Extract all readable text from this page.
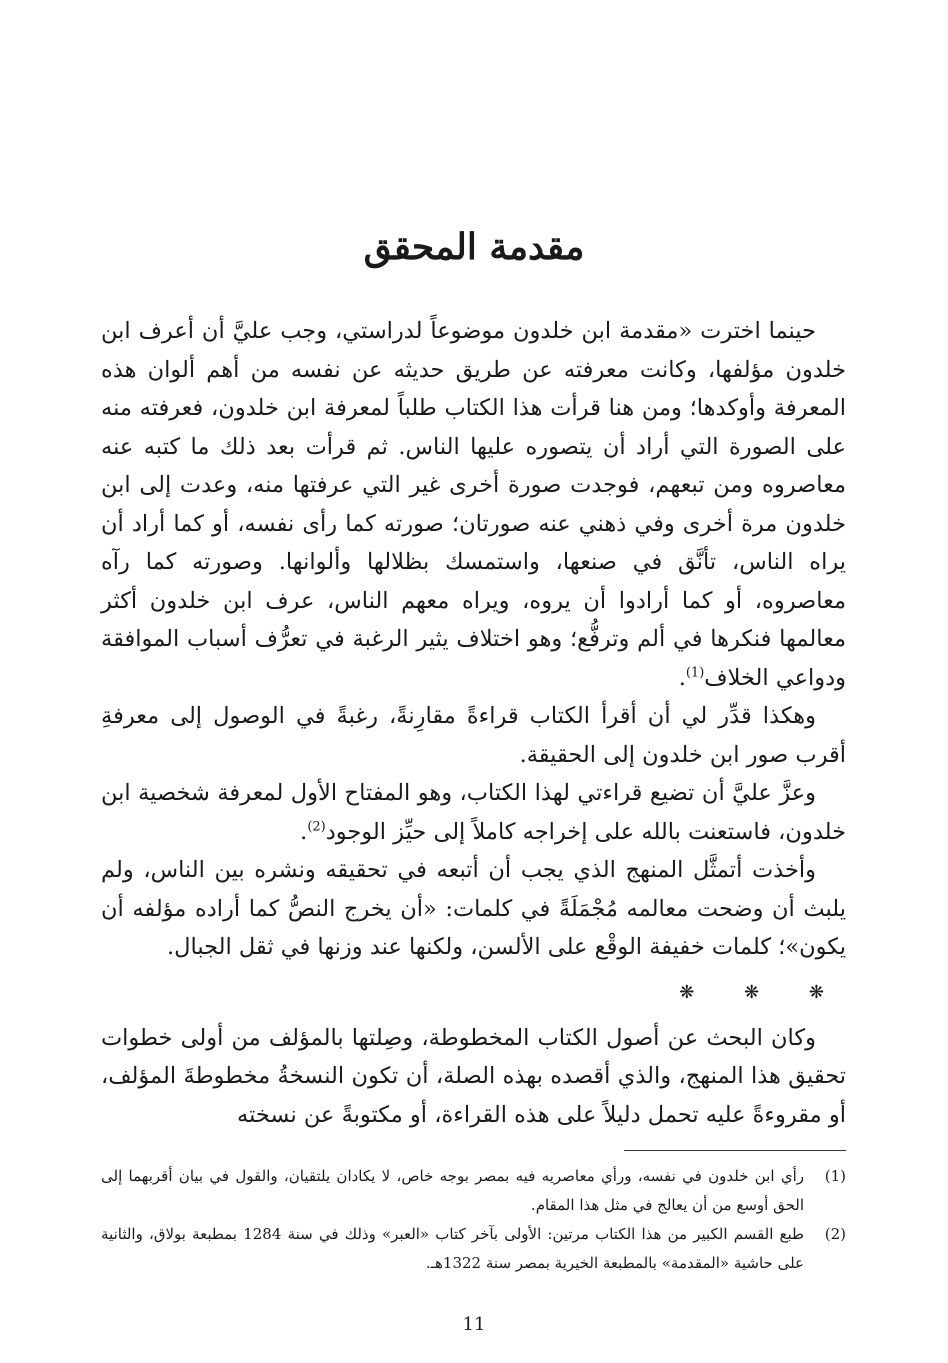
مقدمة المحقق

حينما اخترت «مقدمة ابن خلدون موضوعاً لدراستي، وجب عليَّ أن أعرف ابن خلدون مؤلفها، وكانت معرفته عن طريق حديثه عن نفسه من أهم ألوان هذه المعرفة وأوكدها؛ ومن هنا قرأت هذا الكتاب طلباً لمعرفة ابن خلدون، فعرفته منه على الصورة التي أراد أن يتصوره عليها الناس. ثم قرأت بعد ذلك ما كتبه عنه معاصروه ومن تبعهم، فوجدت صورة أخرى غير التي عرفتها منه، وعدت إلى ابن خلدون مرة أخرى وفي ذهني عنه صورتان؛ صورته كما رأى نفسه، أو كما أراد أن يراه الناس، تأنَّق في صنعها، واستمسك بظلالها وألوانها. وصورته كما رآه معاصروه، أو كما أرادوا أن يروه، ويراه معهم الناس، عرف ابن خلدون أكثر معالمها فنكرها في ألم وترفُّع؛ وهو اختلاف يثير الرغبة في تعرُّف أسباب الموافقة ودواعي الخلاف$^{(1)}$.

وهكذا قدِّر لي أن أقرأ الكتاب قراءةً مقارِنةً، رغبةً في الوصول إلى معرفةِ أقرب صور ابن خلدون إلى الحقيقة.

وعزَّ عليَّ أن تضيع قراءتي لهذا الكتاب، وهو المفتاح الأول لمعرفة شخصية ابن خلدون، فاستعنت بالله على إخراجه كاملاً إلى حيِّز الوجود$^{(2)}$.

وأخذت أتمثَّل المنهج الذي يجب أن أتبعه في تحقيقه ونشره بين الناس، ولم يلبث أن وضحت معالمه مُجْمَلَةً في كلمات: «أن يخرج النصُّ كما أراده مؤلفه أن يكون»؛ كلمات خفيفة الوقْع على الألسن، ولكنها عند وزنها في ثقل الجبال.

❋ ❋ ❋

وكان البحث عن أصول الكتاب المخطوطة، وصِلتها بالمؤلف من أولى خطوات تحقيق هذا المنهج، والذي أقصده بهذه الصلة، أن تكون النسخةُ مخطوطةَ المؤلف، أو مقروءةً عليه تحمل دليلاً على هذه القراءة، أو مكتوبةً عن نسخته

(1)
رأي ابن خلدون في نفسه، ورأي معاصريه فيه بمصر بوجه خاص، لا يكادان يلتقيان، والقول في بيان أقربهما إلى الحق أوسع من أن يعالج في مثل هذا المقام.
(2)
طبع القسم الكبير من هذا الكتاب مرتين: الأولى بآخر كتاب «العبر» وذلك في سنة 1284 بمطبعة بولاق، والثانية على حاشية «المقدمة» بالمطبعة الخيرية بمصر سنة 1322هـ.
11
